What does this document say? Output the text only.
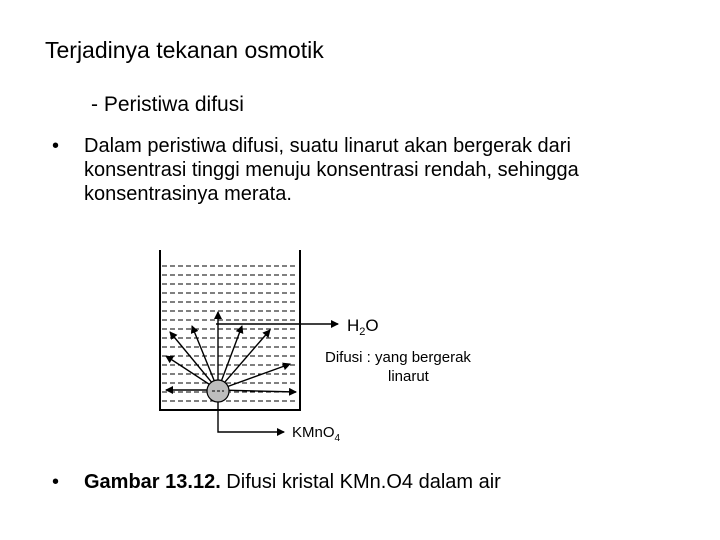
Terjadinya tekanan osmotik
- Peristiwa difusi
•	Dalam peristiwa difusi, suatu linarut akan bergerak dari konsentrasi tinggi menuju konsentrasi rendah, sehingga konsentrasinya merata.
$H_2O$
Difusi : yang bergerak
linarut
KMnO$_4$
•	Gambar 13.12. Difusi kristal KMn.O4 dalam air
